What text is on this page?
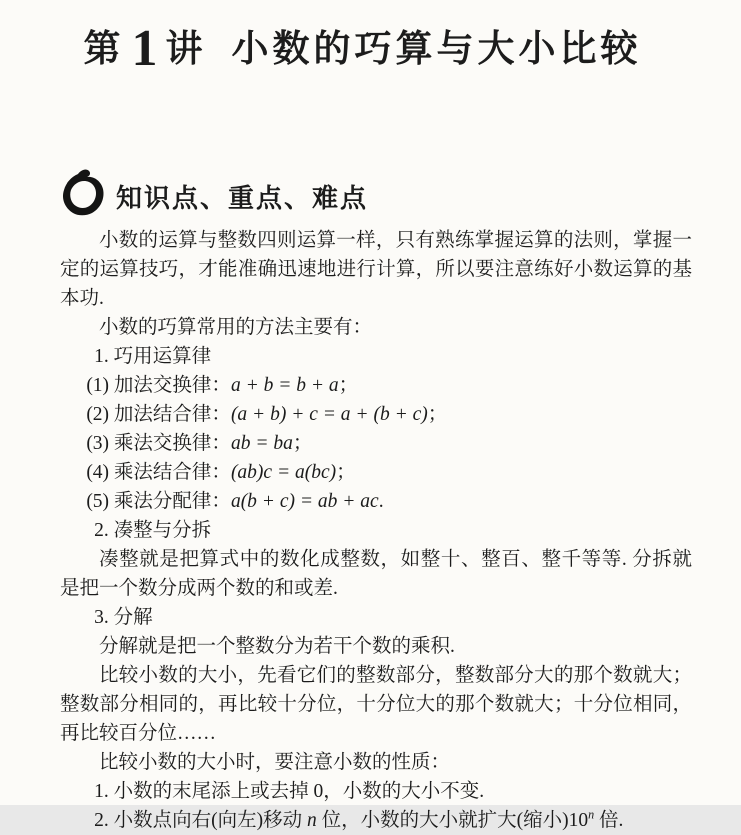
第 1 讲 小数的巧算与大小比较
知识点、重点、难点

小数的运算与整数四则运算一样，只有熟练掌握运算的法则，掌握一定的运算技巧，才能准确迅速地进行计算，所以要注意练好小数运算的基本功.

小数的巧算常用的方法主要有：

1. 巧用运算律

(1) 加法交换律：a + b = b + a；

(2) 加法结合律：(a + b) + c = a + (b + c)；

(3) 乘法交换律：ab = ba；

(4) 乘法结合律：(ab)c = a(bc)；

(5) 乘法分配律：a(b + c) = ab + ac.

2. 凑整与分拆

凑整就是把算式中的数化成整数，如整十、整百、整千等等. 分拆就是把一个数分成两个数的和或差.

3. 分解

分解就是把一个整数分为若干个数的乘积.

比较小数的大小，先看它们的整数部分，整数部分大的那个数就大；整数部分相同的，再比较十分位，十分位大的那个数就大；十分位相同，再比较百分位……

比较小数的大小时，要注意小数的性质：

1. 小数的末尾添上或去掉 0，小数的大小不变.

2. 小数点向右(向左)移动 n 位，小数的大小就扩大(缩小)10$^n$ 倍.
